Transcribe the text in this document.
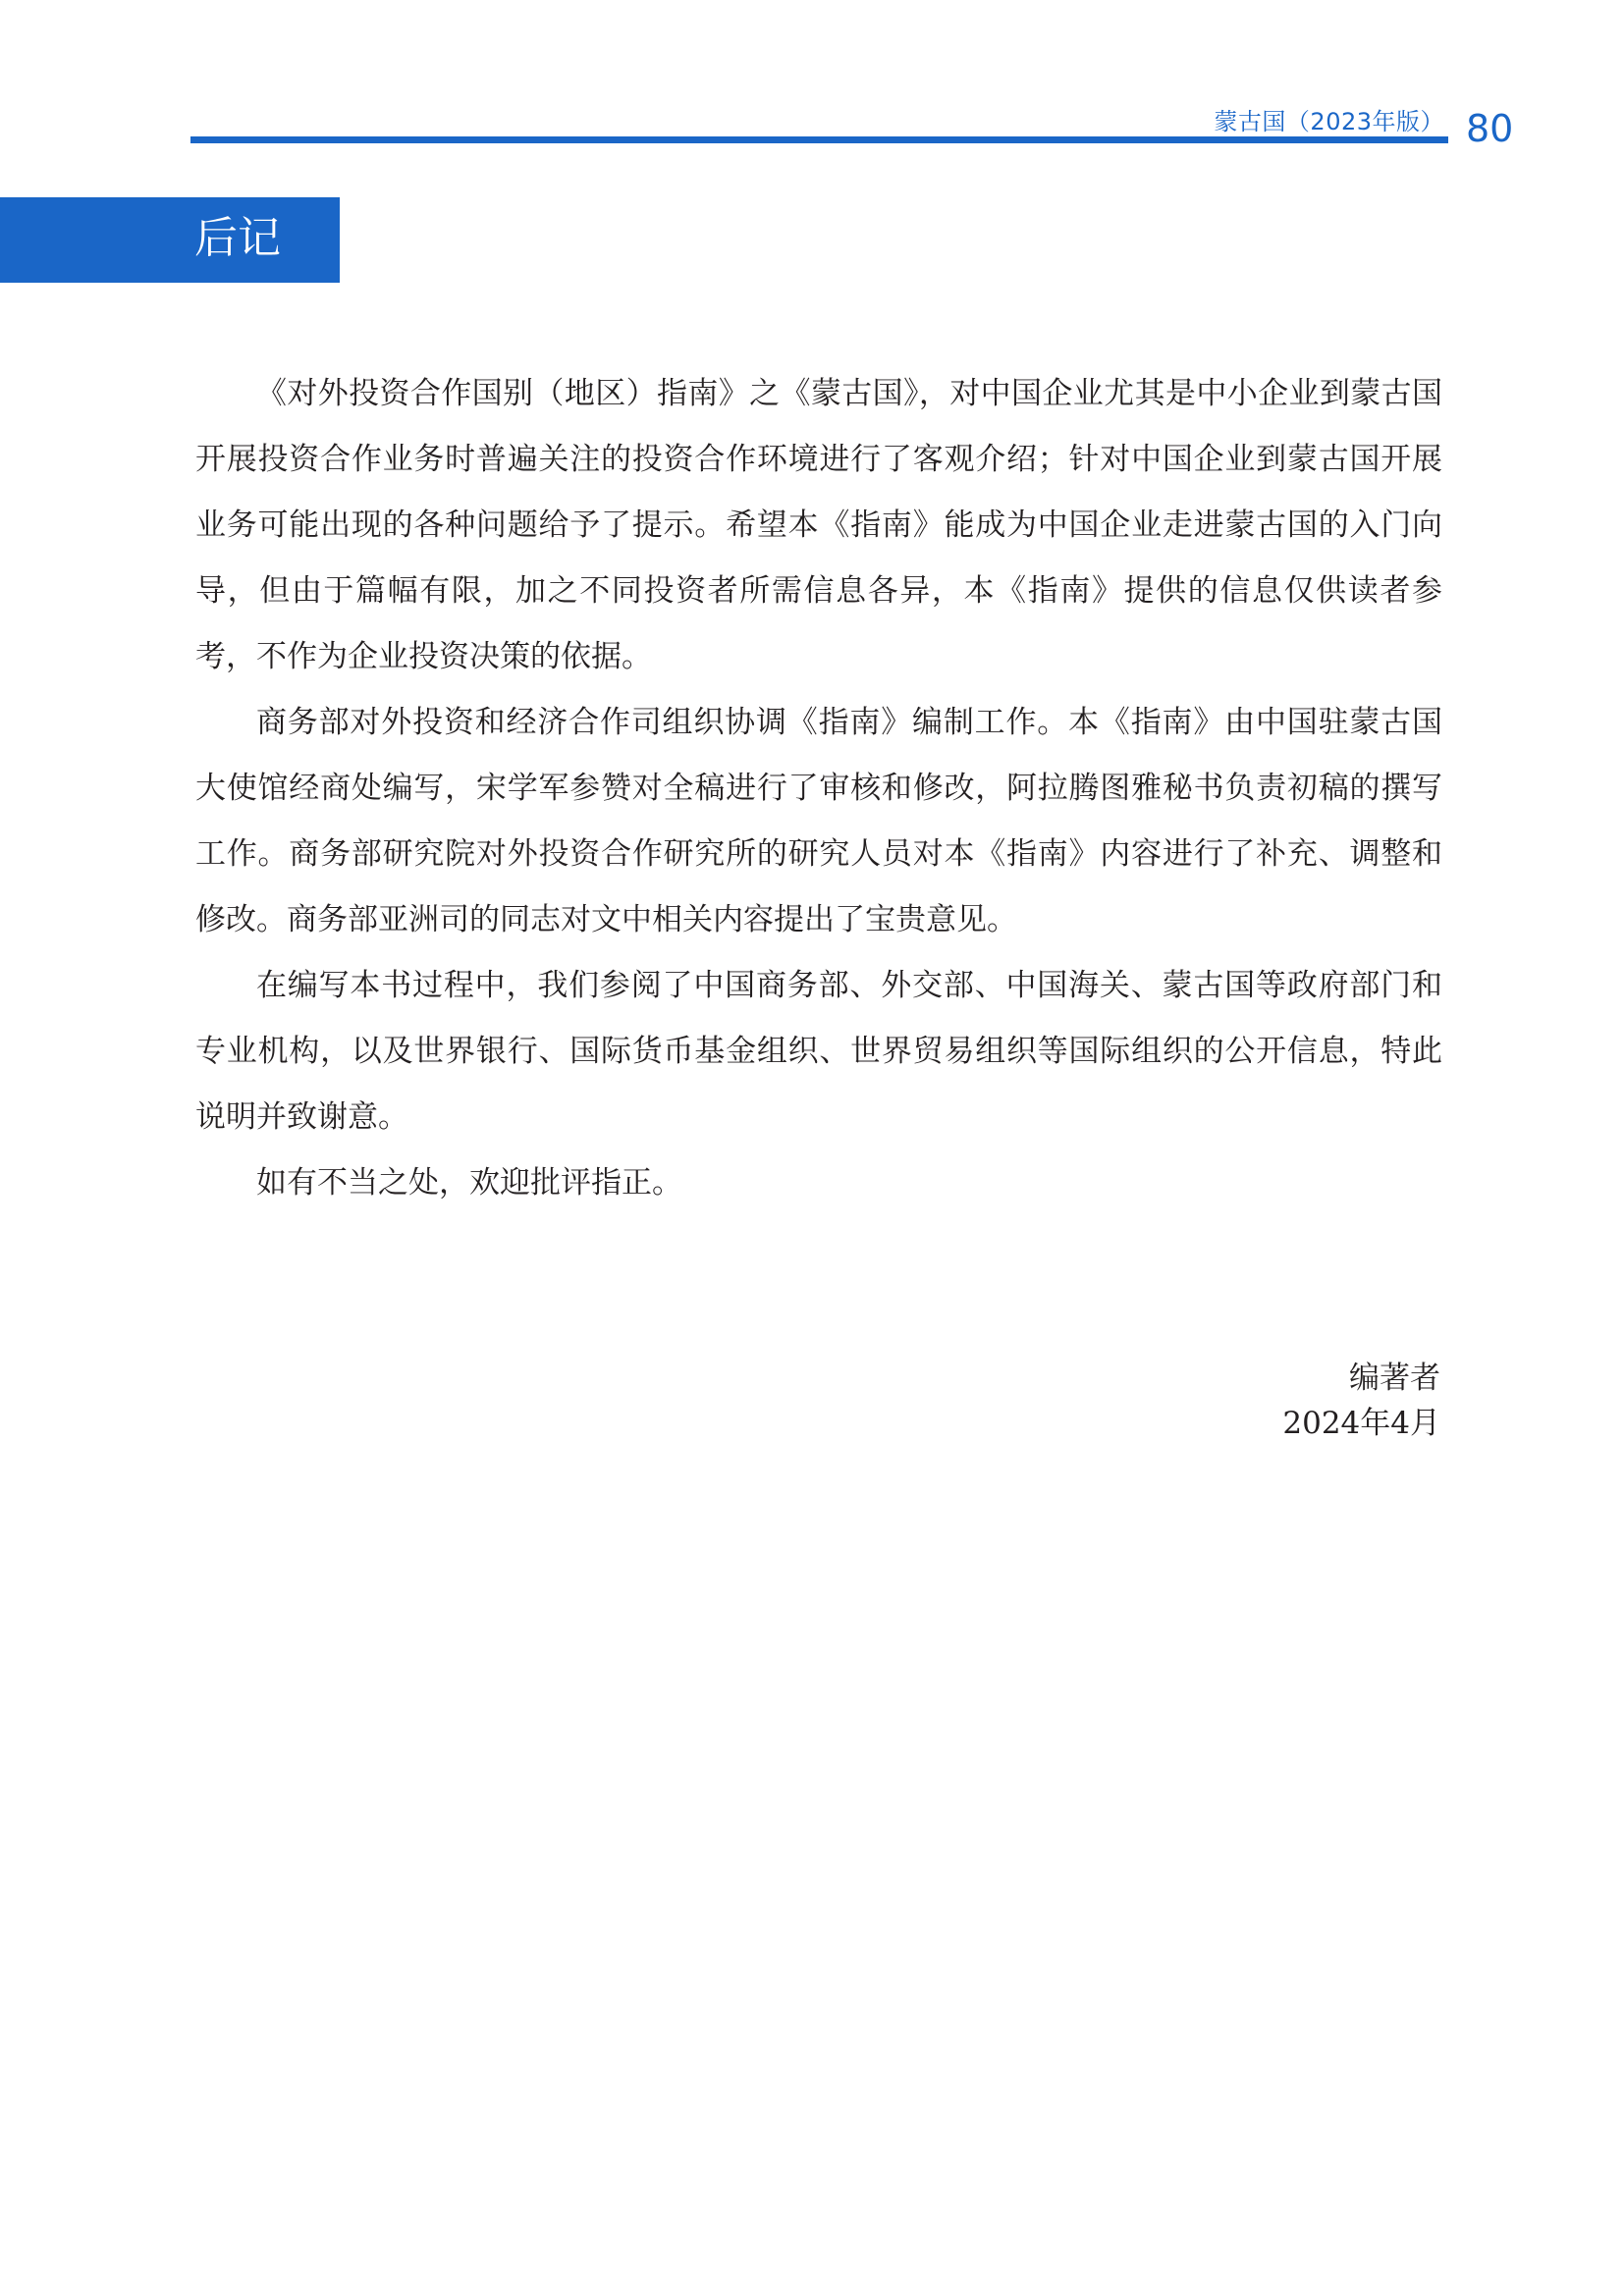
蒙古国（2023年版） 80
后记

《对外投资合作国别（地区）指南》之《蒙古国》，对中国企业尤其是中小企业到蒙古国开展投资合作业务时普遍关注的投资合作环境进行了客观介绍；针对中国企业到蒙古国开展业务可能出现的各种问题给予了提示。希望本《指南》能成为中国企业走进蒙古国的入门向导，但由于篇幅有限，加之不同投资者所需信息各异，本《指南》提供的信息仅供读者参考，不作为企业投资决策的依据。

商务部对外投资和经济合作司组织协调《指南》编制工作。本《指南》由中国驻蒙古国大使馆经商处编写，宋学军参赞对全稿进行了审核和修改，阿拉腾图雅秘书负责初稿的撰写工作。商务部研究院对外投资合作研究所的研究人员对本《指南》内容进行了补充、调整和修改。商务部亚洲司的同志对文中相关内容提出了宝贵意见。

在编写本书过程中，我们参阅了中国商务部、外交部、中国海关、蒙古国等政府部门和专业机构，以及世界银行、国际货币基金组织、世界贸易组织等国际组织的公开信息，特此说明并致谢意。

如有不当之处，欢迎批评指正。

编著者
2024年4月
